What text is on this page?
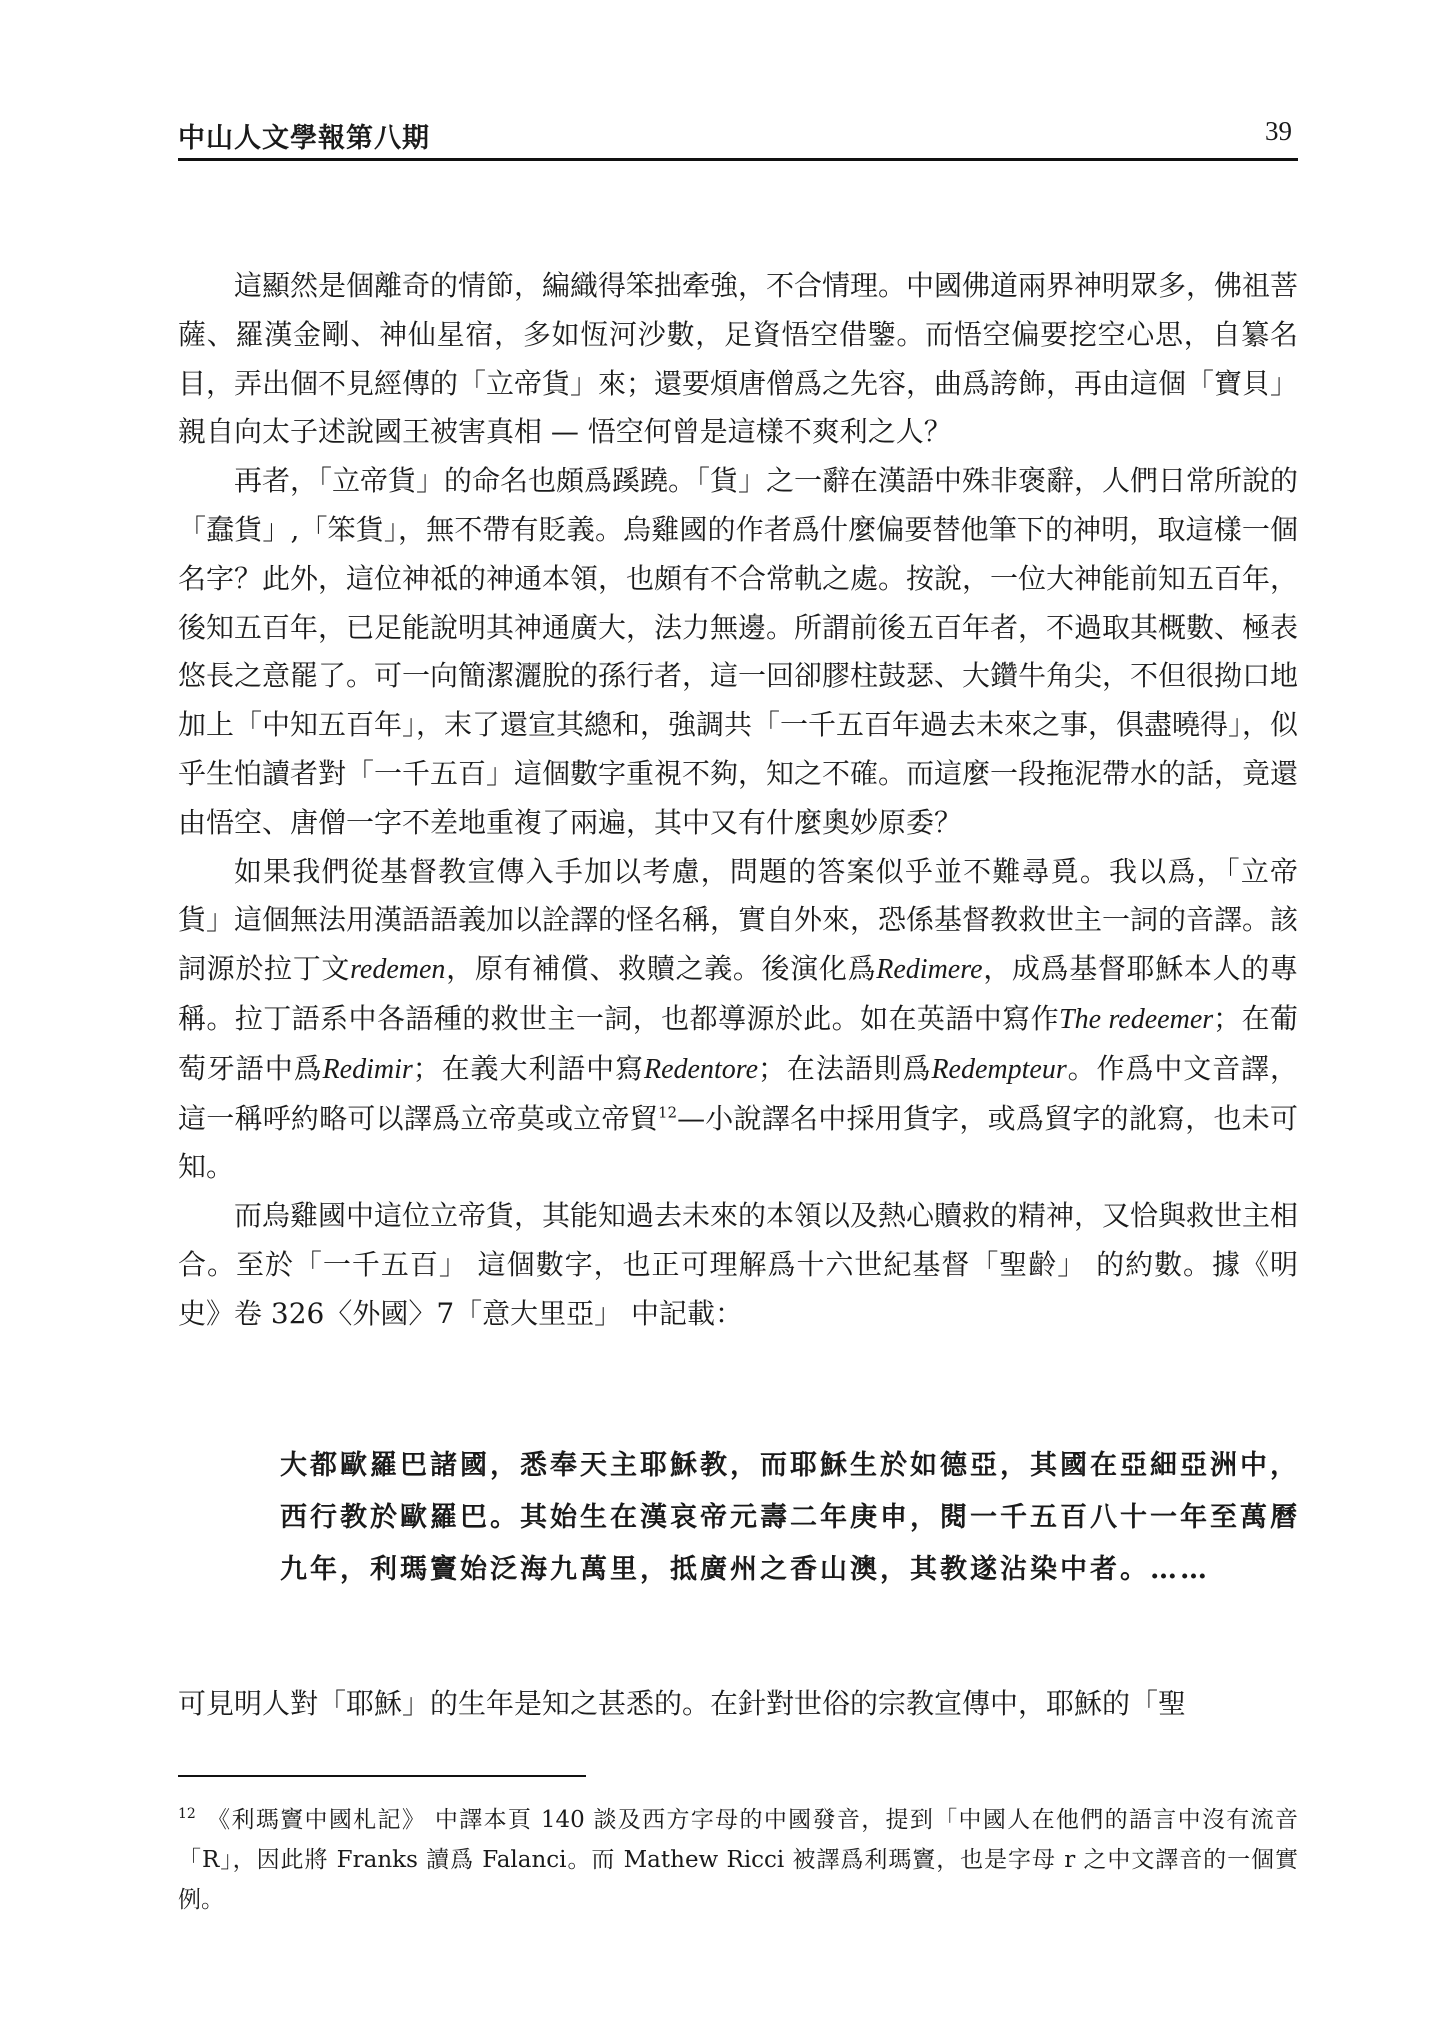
中山人文學報第八期	39

這顯然是個離奇的情節，編織得笨拙牽強，不合情理。中國佛道兩界神明眾多，佛祖菩薩、羅漢金剛、神仙星宿，多如恆河沙數，足資悟空借鑒。而悟空偏要挖空心思，自纂名目，弄出個不見經傳的「立帝貨」來；還要煩唐僧爲之先容，曲爲誇飾，再由這個「寶貝」親自向太子述說國王被害真相 — 悟空何曾是這樣不爽利之人？

再者，「立帝貨」的命名也頗爲蹊蹺。「貨」之一辭在漢語中殊非褒辭，人們日常所說的「蠢貨」,「笨貨」，無不帶有貶義。烏雞國的作者爲什麼偏要替他筆下的神明，取這樣一個名字？此外，這位神祗的神通本領，也頗有不合常軌之處。按說，一位大神能前知五百年，後知五百年，已足能說明其神通廣大，法力無邊。所謂前後五百年者，不過取其概數、極表悠長之意罷了。可一向簡潔灑脫的孫行者，這一回卻膠柱鼓瑟、大鑽牛角尖，不但很拗口地加上「中知五百年」，末了還宣其總和，強調共「一千五百年過去未來之事，俱盡曉得」，似乎生怕讀者對「一千五百」這個數字重視不夠，知之不確。而這麼一段拖泥帶水的話，竟還由悟空、唐僧一字不差地重複了兩遍，其中又有什麼奧妙原委？

如果我們從基督教宣傳入手加以考慮，問題的答案似乎並不難尋覓。我以爲，「立帝貨」這個無法用漢語語義加以詮譯的怪名稱，實自外來，恐係基督教救世主一詞的音譯。該詞源於拉丁文redemen，原有補償、救贖之義。後演化爲Redimere，成爲基督耶穌本人的專稱。拉丁語系中各語種的救世主一詞，也都導源於此。如在英語中寫作The redeemer；在葡萄牙語中爲Redimir；在義大利語中寫Redentore；在法語則爲Redempteur。作爲中文音譯，這一稱呼約略可以譯爲立帝莫或立帝貿$^{12}$—小說譯名中採用貨字，或爲貿字的訛寫，也未可知。

而烏雞國中這位立帝貨，其能知過去未來的本領以及熱心贖救的精神，又恰與救世主相合。至於「一千五百」 這個數字，也正可理解爲十六世紀基督「聖齡」 的約數。據《明史》卷 326〈外國〉7「意大里亞」 中記載：

大都歐羅巴諸國，悉奉天主耶穌教，而耶穌生於如德亞，其國在亞細亞洲中，西行教於歐羅巴。其始生在漢哀帝元壽二年庚申，閱一千五百八十一年至萬曆九年，利瑪竇始泛海九萬里，抵廣州之香山澳，其教遂沾染中者。……
可見明人對「耶穌」的生年是知之甚悉的。在針對世俗的宗教宣傳中，耶穌的「聖
$^{12}$ 《利瑪竇中國札記》 中譯本頁 140 談及西方字母的中國發音，提到「中國人在他們的語言中沒有流音「R」，因此將 Franks 讀爲 Falanci。而 Mathew Ricci 被譯爲利瑪竇，也是字母 r 之中文譯音的一個實例。
